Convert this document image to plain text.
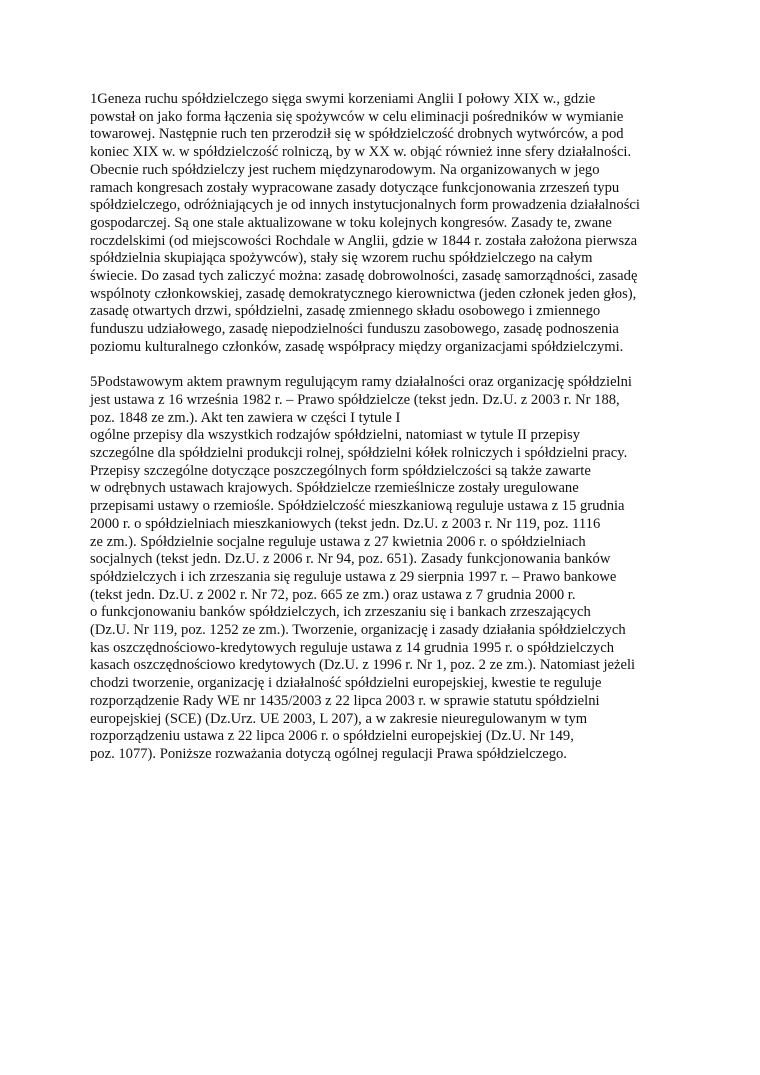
1Geneza ruchu spółdzielczego sięga swymi korzeniami Anglii I połowy XIX w., gdzie
powstał on jako forma łączenia się spożywców w celu eliminacji pośredników w wymianie
towarowej. Następnie ruch ten przerodził się w spółdzielczość drobnych wytwórców, a pod
koniec XIX w. w spółdzielczość rolniczą, by w XX w. objąć również inne sfery działalności.
Obecnie ruch spółdzielczy jest ruchem międzynarodowym. Na organizowanych w jego
ramach kongresach zostały wypracowane zasady dotyczące funkcjonowania zrzeszeń typu
spółdzielczego, odróżniających je od innych instytucjonalnych form prowadzenia działalności
gospodarczej. Są one stale aktualizowane w toku kolejnych kongresów. Zasady te, zwane
roczdelskimi (od miejscowości Rochdale w Anglii, gdzie w 1844 r. została założona pierwsza
spółdzielnia skupiająca spożywców), stały się wzorem ruchu spółdzielczego na całym
świecie. Do zasad tych zaliczyć można: zasadę dobrowolności, zasadę samorządności, zasadę
wspólnoty członkowskiej, zasadę demokratycznego kierownictwa (jeden członek jeden głos),
zasadę otwartych drzwi, spółdzielni, zasadę zmiennego składu osobowego i zmiennego
funduszu udziałowego, zasadę niepodzielności funduszu zasobowego, zasadę podnoszenia
poziomu kulturalnego członków, zasadę współpracy między organizacjami spółdzielczymi.
5Podstawowym aktem prawnym regulującym ramy działalności oraz organizację spółdzielni
jest ustawa z 16 września 1982 r. – Prawo spółdzielcze (tekst jedn. Dz.U. z 2003 r. Nr 188,
poz. 1848 ze zm.). Akt ten zawiera w części I tytule I
ogólne przepisy dla wszystkich rodzajów spółdzielni, natomiast w tytule II przepisy
szczególne dla spółdzielni produkcji rolnej, spółdzielni kółek rolniczych i spółdzielni pracy.
Przepisy szczególne dotyczące poszczególnych form spółdzielczości są także zawarte
w odrębnych ustawach krajowych. Spółdzielcze rzemieślnicze zostały uregulowane
przepisami ustawy o rzemiośle. Spółdzielczość mieszkaniową reguluje ustawa z 15 grudnia
2000 r. o spółdzielniach mieszkaniowych (tekst jedn. Dz.U. z 2003 r. Nr 119, poz. 1116
ze zm.). Spółdzielnie socjalne reguluje ustawa z 27 kwietnia 2006 r. o spółdzielniach
socjalnych (tekst jedn. Dz.U. z 2006 r. Nr 94, poz. 651). Zasady funkcjonowania banków
spółdzielczych i ich zrzeszania się reguluje ustawa z 29 sierpnia 1997 r. – Prawo bankowe
(tekst jedn. Dz.U. z 2002 r. Nr 72, poz. 665 ze zm.) oraz ustawa z 7 grudnia 2000 r.
o funkcjonowaniu banków spółdzielczych, ich zrzeszaniu się i bankach zrzeszających
(Dz.U. Nr 119, poz. 1252 ze zm.). Tworzenie, organizację i zasady działania spółdzielczych
kas oszczędnościowo-kredytowych reguluje ustawa z 14 grudnia 1995 r. o spółdzielczych
kasach oszczędnościowo kredytowych (Dz.U. z 1996 r. Nr 1, poz. 2 ze zm.). Natomiast jeżeli
chodzi tworzenie, organizację i działalność spółdzielni europejskiej, kwestie te reguluje
rozporządzenie Rady WE nr 1435/2003 z 22 lipca 2003 r. w sprawie statutu spółdzielni
europejskiej (SCE) (Dz.Urz. UE 2003, L 207), a w zakresie nieuregulowanym w tym
rozporządzeniu ustawa z 22 lipca 2006 r. o spółdzielni europejskiej (Dz.U. Nr 149,
poz. 1077). Poniższe rozważania dotyczą ogólnej regulacji Prawa spółdzielczego.
